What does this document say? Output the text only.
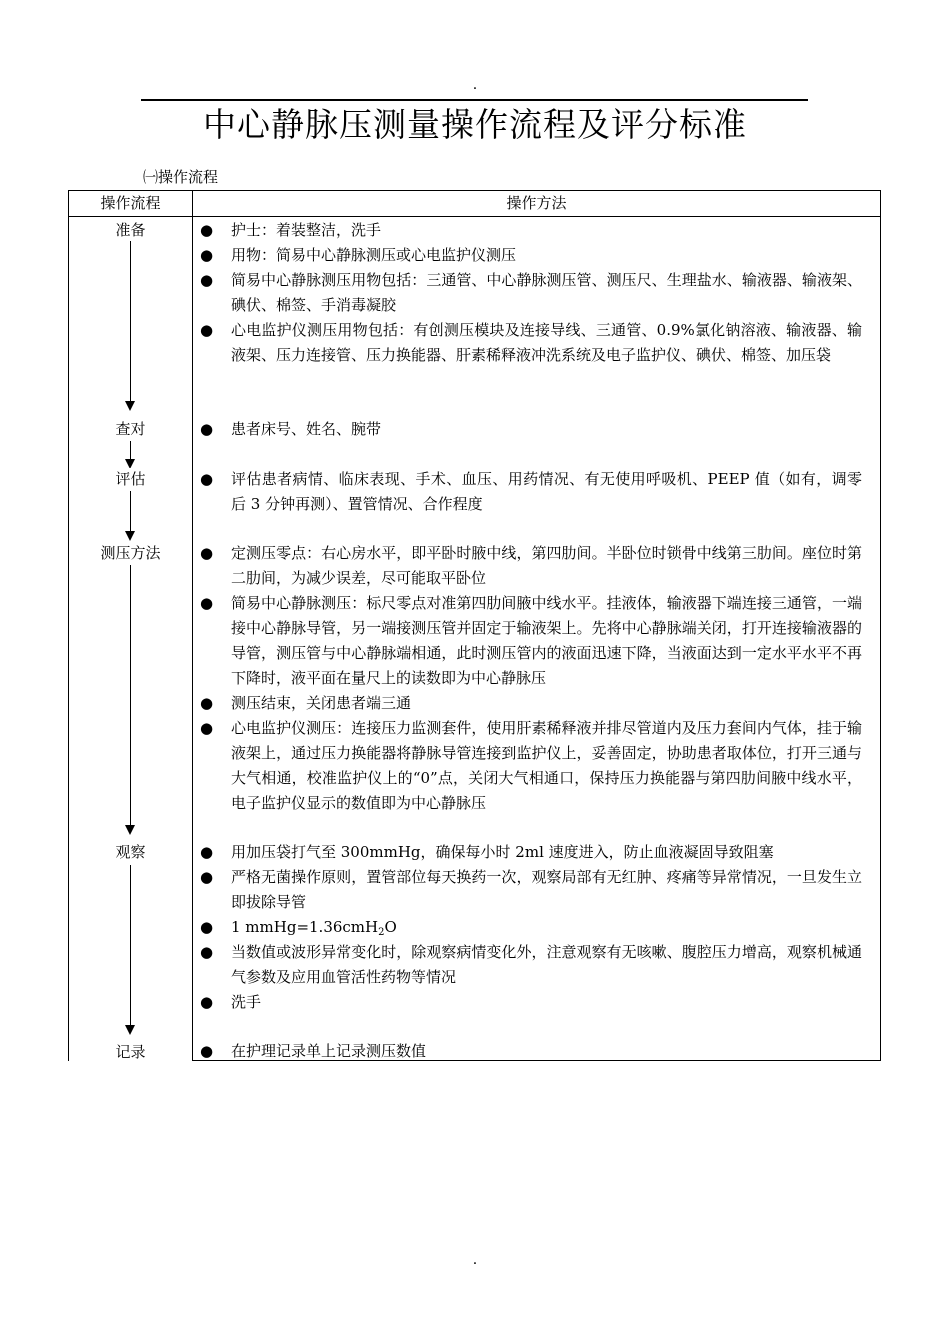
.
中心静脉压测量操作流程及评分标准
㈠操作流程
操作流程	操作方法
准备
查对
评估
测压方法
观察
记录
● 护士：着装整洁，洗手
● 用物：简易中心静脉测压或心电监护仪测压
● 简易中心静脉测压用物包括：三通管、中心静脉测压管、测压尺、生理盐水、输液器、输液架、碘伏、棉签、手消毒凝胶
● 心电监护仪测压用物包括：有创测压模块及连接导线、三通管、0.9%氯化钠溶液、输液器、输液架、压力连接管、压力换能器、肝素稀释液冲洗系统及电子监护仪、碘伏、棉签、加压袋
● 患者床号、姓名、腕带
● 评估患者病情、临床表现、手术、血压、用药情况、有无使用呼吸机、PEEP 值（如有，调零后 3 分钟再测）、置管情况、合作程度
● 定测压零点：右心房水平，即平卧时腋中线，第四肋间。半卧位时锁骨中线第三肋间。座位时第二肋间，为减少误差，尽可能取平卧位
● 简易中心静脉测压：标尺零点对准第四肋间腋中线水平。挂液体，输液器下端连接三通管，一端接中心静脉导管，另一端接测压管并固定于输液架上。先将中心静脉端关闭，打开连接输液器的导管，测压管与中心静脉端相通，此时测压管内的液面迅速下降，当液面达到一定水平水平不再下降时，液平面在量尺上的读数即为中心静脉压
● 测压结束，关闭患者端三通
● 心电监护仪测压：连接压力监测套件，使用肝素稀释液并排尽管道内及压力套间内气体，挂于输液架上，通过压力换能器将静脉导管连接到监护仪上，妥善固定，协助患者取体位，打开三通与大气相通，校准监护仪上的“0”点，关闭大气相通口，保持压力换能器与第四肋间腋中线水平，电子监护仪显示的数值即为中心静脉压
● 用加压袋打气至 300mmHg，确保每小时 2ml 速度进入，防止血液凝固导致阻塞
● 严格无菌操作原则，置管部位每天换药一次，观察局部有无红肿、疼痛等异常情况，一旦发生立即拔除导管
● 1 mmHg=1.36cmH$_2$O
● 当数值或波形异常变化时，除观察病情变化外，注意观察有无咳嗽、腹腔压力增高，观察机械通气参数及应用血管活性药物等情况
● 洗手
● 在护理记录单上记录测压数值
.
